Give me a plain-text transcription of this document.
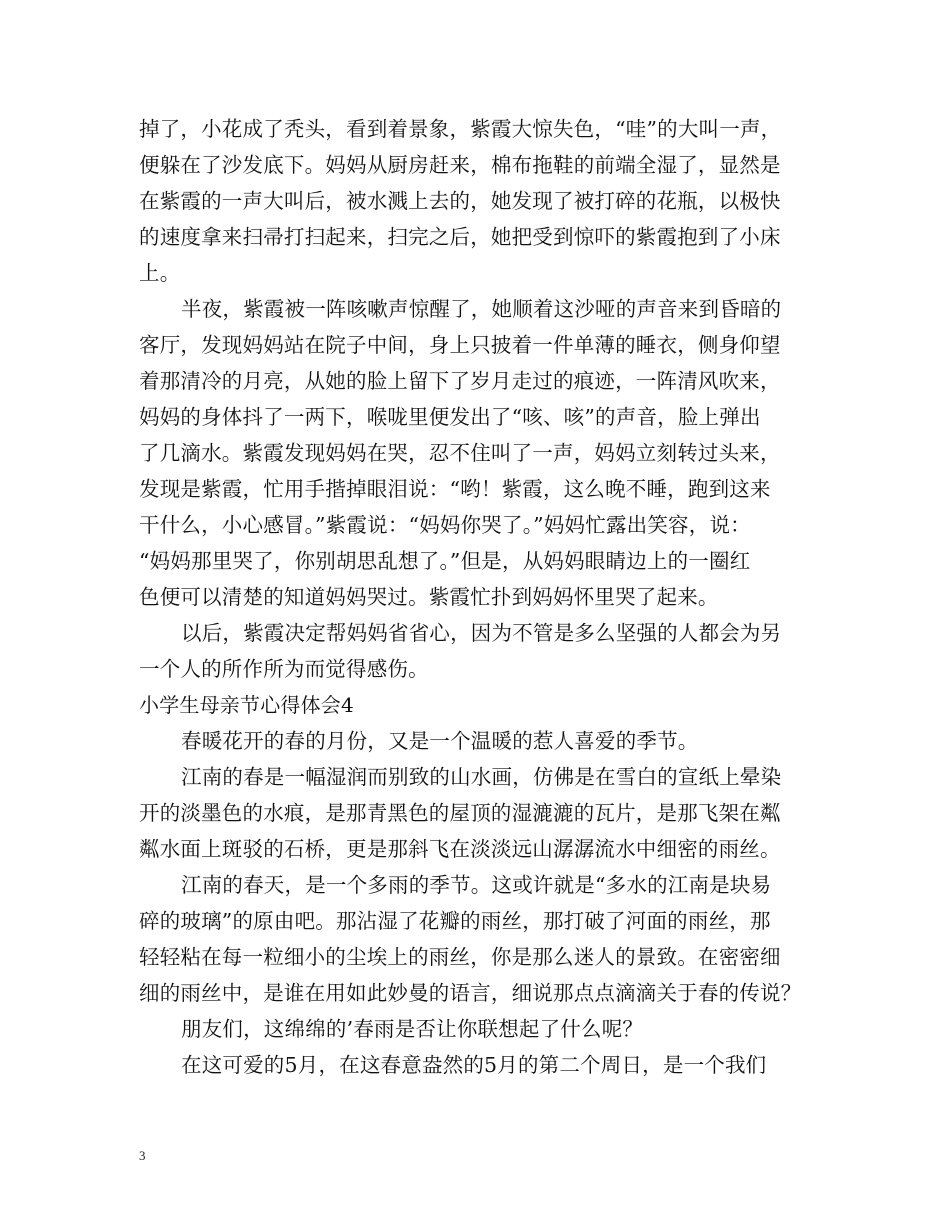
掉了，小花成了秃头，看到着景象，紫霞大惊失色，“哇”的大叫一声，
便躲在了沙发底下。妈妈从厨房赶来，棉布拖鞋的前端全湿了，显然是
在紫霞的一声大叫后，被水溅上去的，她发现了被打碎的花瓶，以极快
的速度拿来扫帚打扫起来，扫完之后，她把受到惊吓的紫霞抱到了小床
上。
半夜，紫霞被一阵咳嗽声惊醒了，她顺着这沙哑的声音来到昏暗的
客厅，发现妈妈站在院子中间，身上只披着一件单薄的睡衣，侧身仰望
着那清冷的月亮，从她的脸上留下了岁月走过的痕迹，一阵清风吹来，
妈妈的身体抖了一两下，喉咙里便发出了“咳、咳”的声音，脸上弹出
了几滴水。紫霞发现妈妈在哭，忍不住叫了一声，妈妈立刻转过头来，
发现是紫霞，忙用手揩掉眼泪说：“哟！紫霞，这么晚不睡，跑到这来
干什么，小心感冒。”紫霞说：“妈妈你哭了。”妈妈忙露出笑容，说：
“妈妈那里哭了，你别胡思乱想了。”但是，从妈妈眼睛边上的一圈红
色便可以清楚的知道妈妈哭过。紫霞忙扑到妈妈怀里哭了起来。
以后，紫霞决定帮妈妈省省心，因为不管是多么坚强的人都会为另
一个人的所作所为而觉得感伤。
小学生母亲节心得体会4
春暖花开的春的月份，又是一个温暖的惹人喜爱的季节。
江南的春是一幅湿润而别致的山水画，仿佛是在雪白的宣纸上晕染
开的淡墨色的水痕，是那青黑色的屋顶的湿漉漉的瓦片，是那飞架在粼
粼水面上斑驳的石桥，更是那斜飞在淡淡远山潺潺流水中细密的雨丝。
江南的春天，是一个多雨的季节。这或许就是“多水的江南是块易
碎的玻璃”的原由吧。那沾湿了花瓣的雨丝，那打破了河面的雨丝，那
轻轻粘在每一粒细小的尘埃上的雨丝，你是那么迷人的景致。在密密细
细的雨丝中，是谁在用如此妙曼的语言，细说那点点滴滴关于春的传说？
朋友们，这绵绵的’春雨是否让你联想起了什么呢？
在这可爱的5月，在这春意盎然的5月的第二个周日，是一个我们
3
